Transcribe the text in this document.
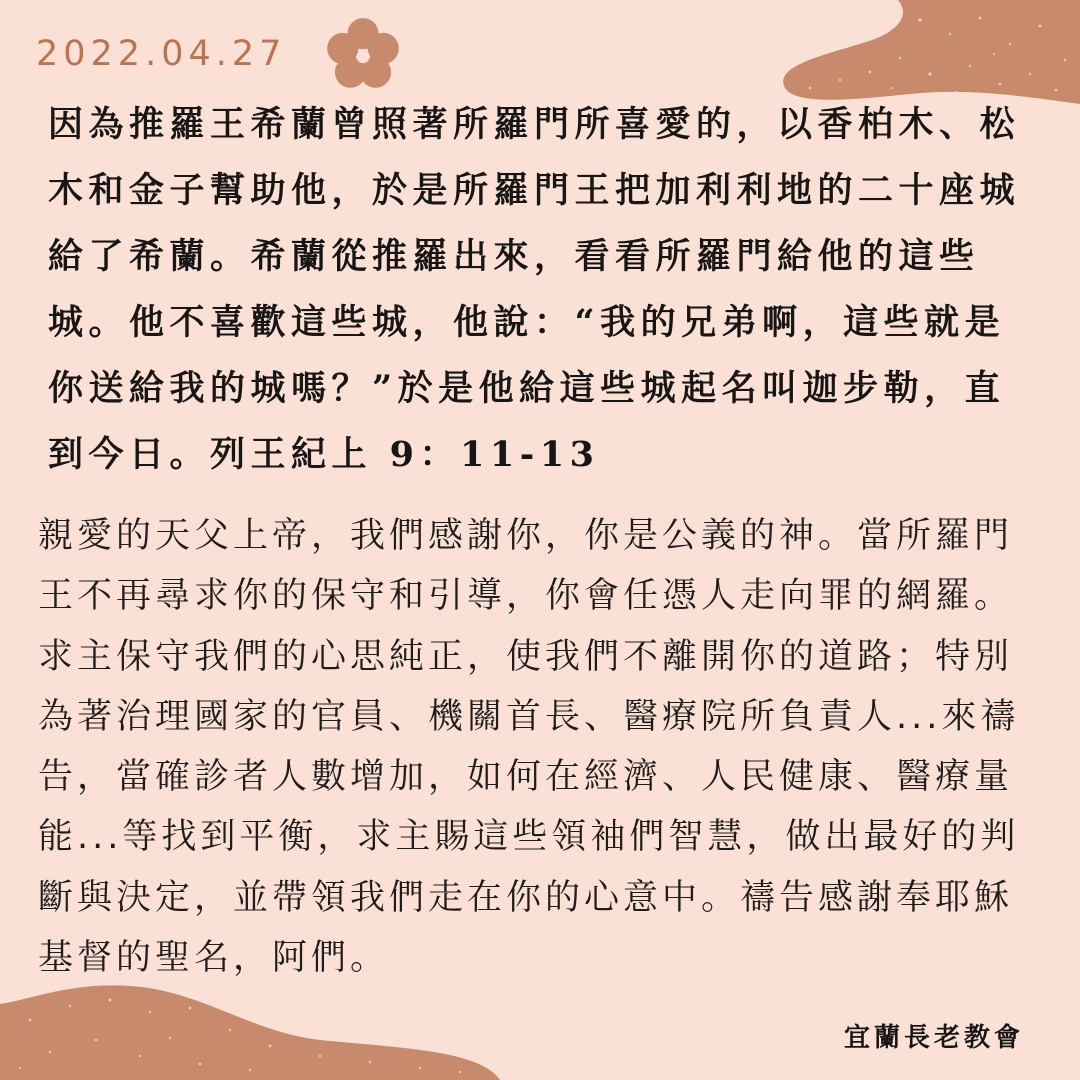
2022.04.27
因為推羅王希蘭曾照著所羅門所喜愛的，以香柏木、松木和金子幫助他，於是所羅門王把加利利地的二十座城給了希蘭。希蘭從推羅出來，看看所羅門給他的這些城。他不喜歡這些城，他說：“我的兄弟啊，這些就是你送給我的城嗎？”於是他給這些城起名叫迦步勒，直到今日。列王紀上 9：11-13
親愛的天父上帝，我們感謝你，你是公義的神。當所羅門王不再尋求你的保守和引導，你會任憑人走向罪的網羅。求主保守我們的心思純正，使我們不離開你的道路；特別為著治理國家的官員、機關首長、醫療院所負責人...來禱告，當確診者人數增加，如何在經濟、人民健康、醫療量能...等找到平衡，求主賜這些領袖們智慧，做出最好的判斷與決定，並帶領我們走在你的心意中。禱告感謝奉耶穌基督的聖名，阿們。
宜蘭長老教會
